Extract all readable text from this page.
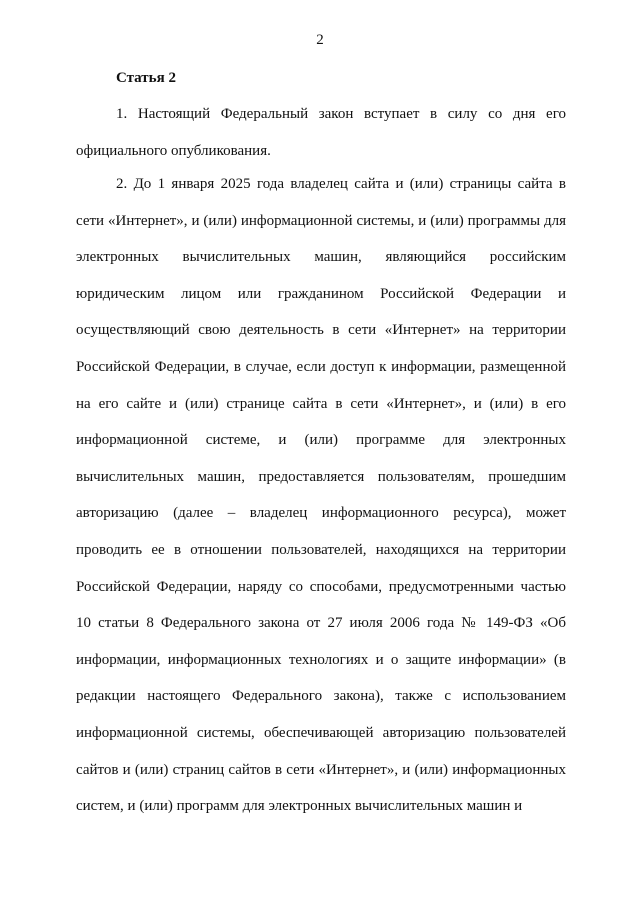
2
Статья 2

1. Настоящий Федеральный закон вступает в силу со дня его официального опубликования.

2. До 1 января 2025 года владелец сайта и (или) страницы сайта в сети «Интернет», и (или) информационной системы, и (или) программы для электронных вычислительных машин, являющийся российским юридическим лицом или гражданином Российской Федерации и осуществляющий свою деятельность в сети «Интернет» на территории Российской Федерации, в случае, если доступ к информации, размещенной на его сайте и (или) странице сайта в сети «Интернет», и (или) в его информационной системе, и (или) программе для электронных вычислительных машин, предоставляется пользователям, прошедшим авторизацию (далее – владелец информационного ресурса), может проводить ее в отношении пользователей, находящихся на территории Российской Федерации, наряду со способами, предусмотренными частью 10 статьи 8 Федерального закона от 27 июля 2006 года № 149-ФЗ «Об информации, информационных технологиях и о защите информации» (в редакции настоящего Федерального закона), также с использованием информационной системы, обеспечивающей авторизацию пользователей сайтов и (или) страниц сайтов в сети «Интернет», и (или) информационных систем, и (или) программ для электронных вычислительных машин и
